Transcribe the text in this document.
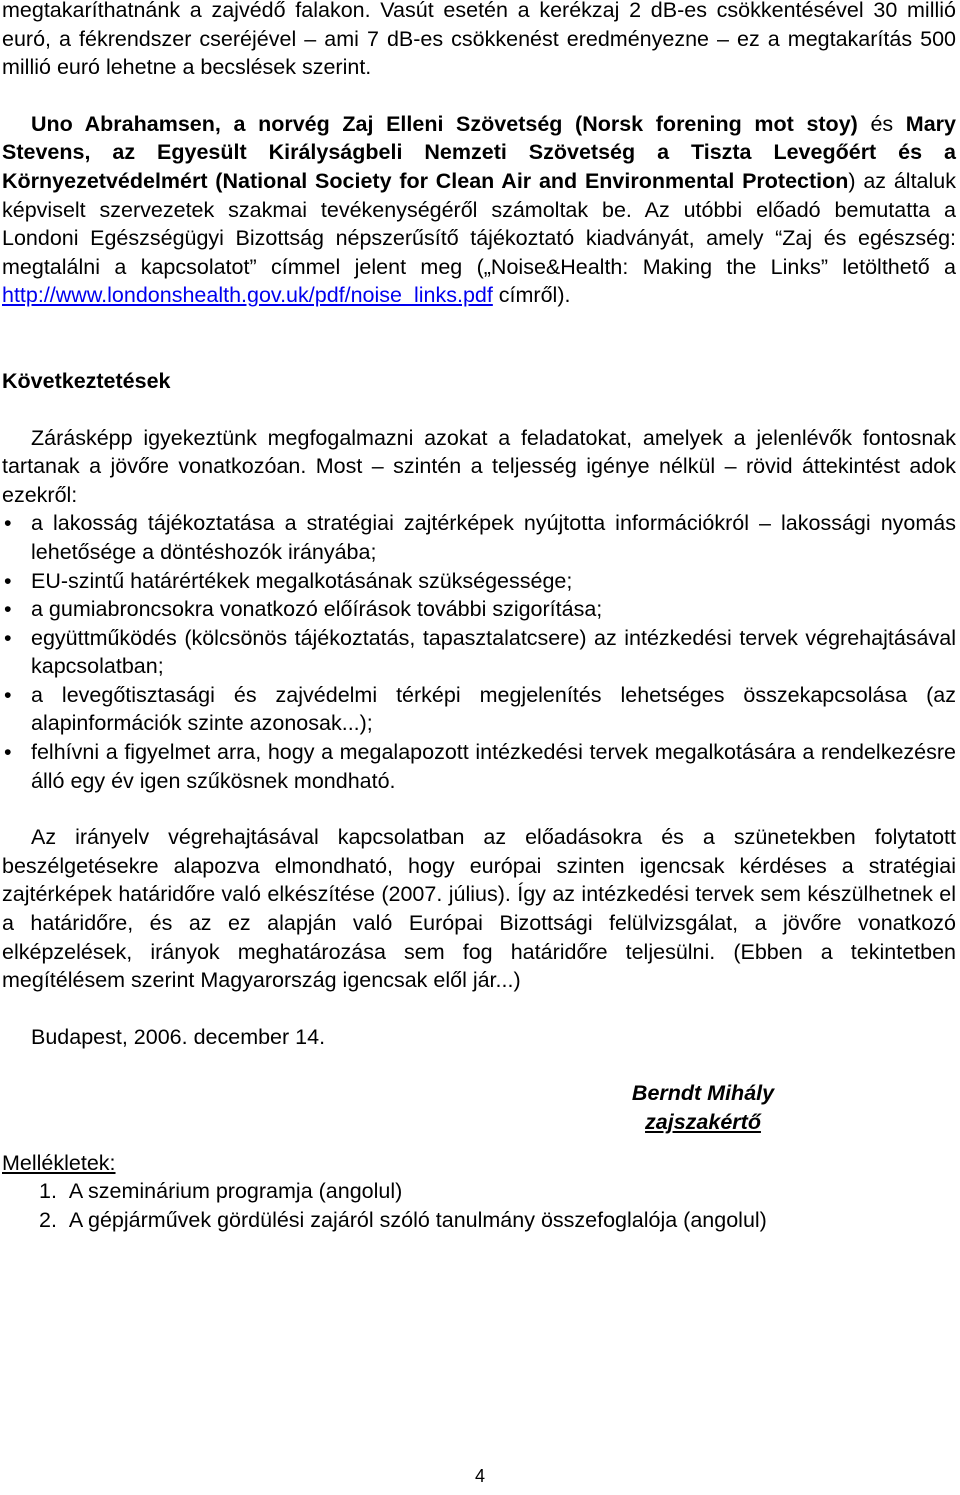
megtakaríthatnánk a zajvédő falakon. Vasút esetén a kerékzaj 2 dB-es csökkentésével 30 millió euró, a fékrendszer cseréjével – ami 7 dB-es csökkenést eredményezne – ez a megtakarítás 500 millió euró lehetne a becslések szerint.

Uno Abrahamsen, a norvég Zaj Elleni Szövetség (Norsk forening mot stoy) és Mary Stevens, az Egyesült Királyságbeli Nemzeti Szövetség a Tiszta Levegőért és a Környezetvédelmért (National Society for Clean Air and Environmental Protection) az általuk képviselt szervezetek szakmai tevékenységéről számoltak be. Az utóbbi előadó bemutatta a Londoni Egészségügyi Bizottság népszerűsítő tájékoztató kiadványát, amely “Zaj és egészség: megtalálni a kapcsolatot” címmel jelent meg („Noise&Health: Making the Links” letölthető a http://www.londonshealth.gov.uk/pdf/noise_links.pdf címről).

Következtetések

Zárásképp igyekeztünk megfogalmazni azokat a feladatokat, amelyek a jelenlévők fontosnak tartanak a jövőre vonatkozóan. Most – szintén a teljesség igénye nélkül – rövid áttekintést adok ezekről:

• a lakosság tájékoztatása a stratégiai zajtérképek nyújtotta információkról – lakossági nyomás lehetősége a döntéshozók irányába;
• EU-szintű határértékek megalkotásának szükségessége;
• a gumiabroncsokra vonatkozó előírások további szigorítása;
• együttműködés (kölcsönös tájékoztatás, tapasztalatcsere) az intézkedési tervek végrehajtásával kapcsolatban;
• a levegőtisztasági és zajvédelmi térképi megjelenítés lehetséges összekapcsolása (az alapinformációk szinte azonosak...);
• felhívni a figyelmet arra, hogy a megalapozott intézkedési tervek megalkotására a rendelkezésre álló egy év igen szűkösnek mondható.

Az irányelv végrehajtásával kapcsolatban az előadásokra és a szünetekben folytatott beszélgetésekre alapozva elmondható, hogy európai szinten igencsak kérdéses a stratégiai zajtérképek határidőre való elkészítése (2007. július). Így az intézkedési tervek sem készülhetnek el a határidőre, és az ez alapján való Európai Bizottsági felülvizsgálat, a jövőre vonatkozó elképzelések, irányok meghatározása sem fog határidőre teljesülni. (Ebben a tekintetben megítélésem szerint Magyarország igencsak elől jár...)

Budapest, 2006. december 14.

Berndt Mihály
zajszakértő

Mellékletek:

1. A szeminárium programja (angolul)
2. A gépjárművek gördülési zajáról szóló tanulmány összefoglalója (angolul)
4
